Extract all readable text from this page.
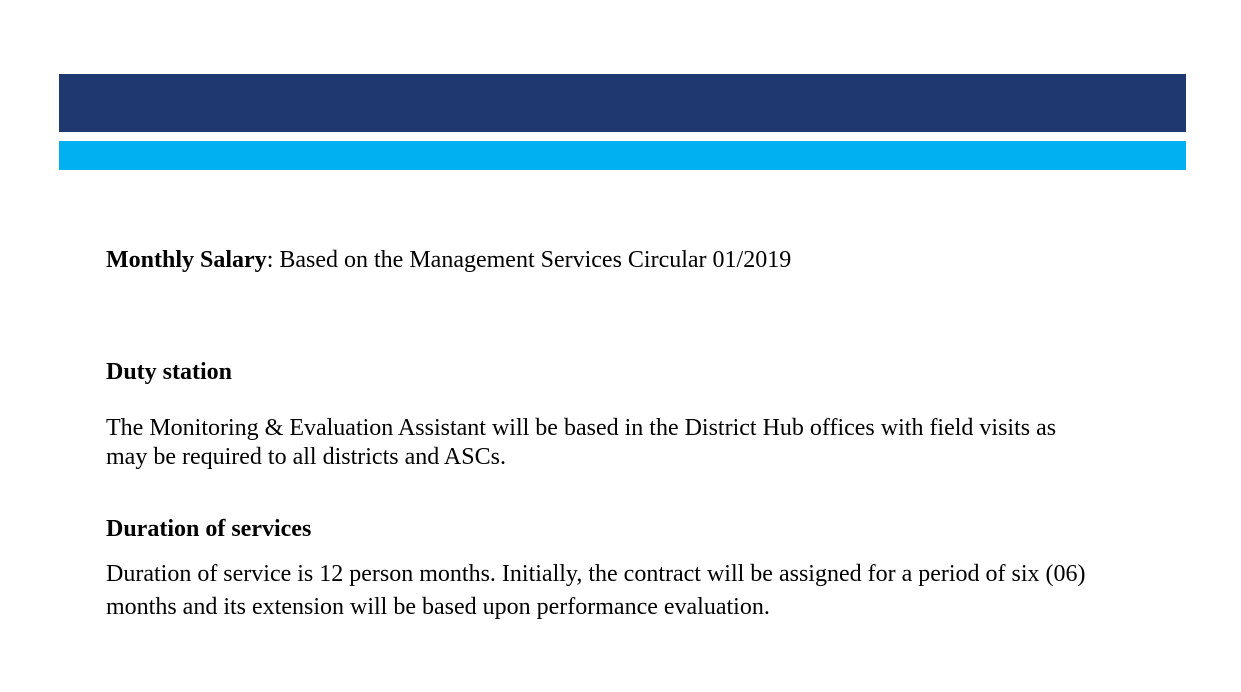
Monthly Salary: Based on the Management Services Circular 01/2019
Duty station

The Monitoring & Evaluation Assistant will be based in the District Hub offices with field visits as
may be required to all districts and ASCs.

Duration of services

Duration of service is 12 person months. Initially, the contract will be assigned for a period of six (06)
months and its extension will be based upon performance evaluation.
